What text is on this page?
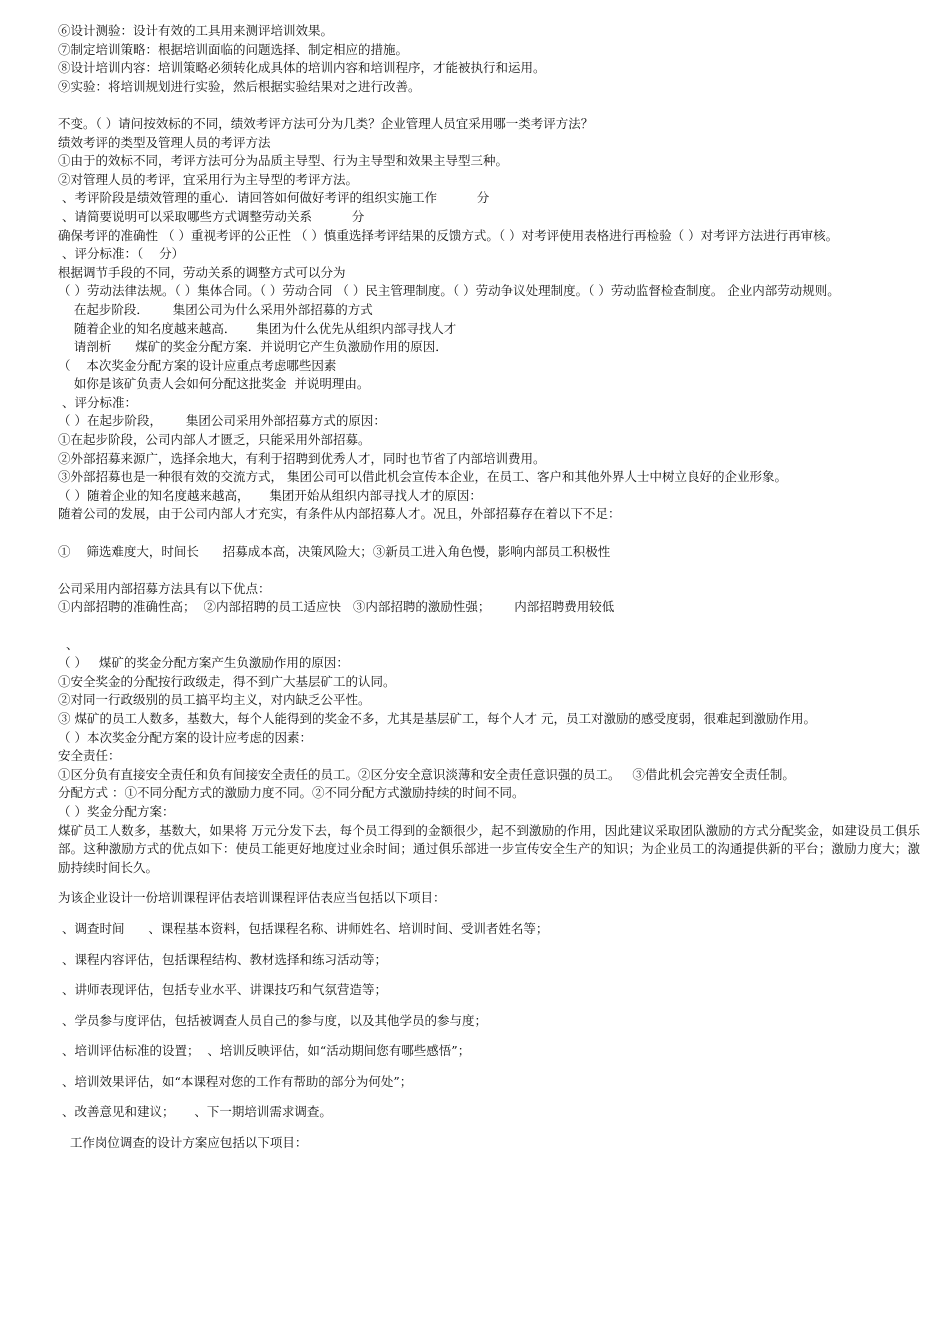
⑥设计测验：设计有效的工具用来测评培训效果。
⑦制定培训策略：根据培训面临的问题选择、制定相应的措施。
⑧设计培训内容：培训策略必须转化成具体的培训内容和培训程序，才能被执行和运用。
⑨实验：将培训规划进行实验，然后根据实验结果对之进行改善。
不变。（ ）请问按效标的不同，绩效考评方法可分为几类？企业管理人员宜采用哪一类考评方法？
绩效考评的类型及管理人员的考评方法
①由于的效标不同，考评方法可分为品质主导型、行为主导型和效果主导型三种。
②对管理人员的考评，宜采用行为主导型的考评方法。
、考评阶段是绩效管理的重心．请回答如何做好考评的组织实施工作          分
、请简要说明可以采取哪些方式调整劳动关系          分
确保考评的准确性 （ ）重视考评的公正性 （ ）慎重选择考评结果的反馈方式。（ ）对考评使用表格进行再检验（ ）对考评方法进行再审核。
、评分标准：（    分）
根据调节手段的不同，劳动关系的调整方式可以分为
（ ）劳动法律法规。（ ）集体合同。（ ）劳动合同 （ ）民主管理制度。（ ）劳动争议处理制度。（ ）劳动监督检查制度。 企业内部劳动规则。
在起步阶段．      集团公司为什么采用外部招募的方式
随着企业的知名度越来越高．     集团为什么优先从组织内部寻找人才
请剖析      煤矿的奖金分配方案．并说明它产生负激励作用的原因．
（    本次奖金分配方案的设计应重点考虑哪些因素
如你是该矿负责人会如何分配这批奖金  并说明理由。
、评分标准：
（ ）在起步阶段，      集团公司采用外部招募方式的原因：
①在起步阶段，公司内部人才匮乏，只能采用外部招募。
②外部招募来源广，选择余地大，有利于招聘到优秀人才，同时也节省了内部培训费用。
③外部招募也是一种很有效的交流方式， 集团公司可以借此机会宣传本企业，在员工、客户和其他外界人士中树立良好的企业形象。
（ ）随着企业的知名度越来越高，     集团开始从组织内部寻找人才的原因：
随着公司的发展，由于公司内部人才充实，有条件从内部招募人才。况且，外部招募存在着以下不足：
①    筛选难度大，时间长      招募成本高，决策风险大；③新员工进入角色慢，影响内部员工积极性
公司采用内部招募方法具有以下优点：
①内部招聘的准确性高；  ②内部招聘的员工适应快   ③内部招聘的激励性强；      内部招聘费用较低
、
（ ）   煤矿的奖金分配方案产生负激励作用的原因：
①安全奖金的分配按行政级走，得不到广大基层矿工的认同。
②对同一行政级别的员工搞平均主义，对内缺乏公平性。
③ 煤矿的员工人数多，基数大，每个人能得到的奖金不多，尤其是基层矿工，每个人才 元，员工对激励的感受度弱，很难起到激励作用。
（ ）本次奖金分配方案的设计应考虑的因素：
安全责任：
①区分负有直接安全责任和负有间接安全责任的员工。②区分安全意识淡薄和安全责任意识强的员工。   ③借此机会完善安全责任制。
分配方式 ：①不同分配方式的激励力度不同。②不同分配方式激励持续的时间不同。
（ ）奖金分配方案：
煤矿员工人数多，基数大，如果将 万元分发下去，每个员工得到的金额很少，起不到激励的作用，因此建议采取团队激励的方式分配奖金，如建设员工俱乐部。这种激励方式的优点如下：使员工能更好地度过业余时间；通过俱乐部进一步宣传安全生产的知识；为企业员工的沟通提供新的平台；激励力度大；激励持续时间长久。
为该企业设计一份培训课程评估表培训课程评估表应当包括以下项目：
、调查时间      、课程基本资料，包括课程名称、讲师姓名、培训时间、受训者姓名等；
、课程内容评估，包括课程结构、教材选择和练习活动等；
、讲师表现评估，包括专业水平、讲课技巧和气氛营造等；
、学员参与度评估，包括被调查人员自己的参与度，以及其他学员的参与度；
、培训评估标准的设置；  、培训反映评估，如“活动期间您有哪些感悟”；
、培训效果评估，如“本课程对您的工作有帮助的部分为何处”；
、改善意见和建议；     、下一期培训需求调查。
工作岗位调查的设计方案应包括以下项目：
